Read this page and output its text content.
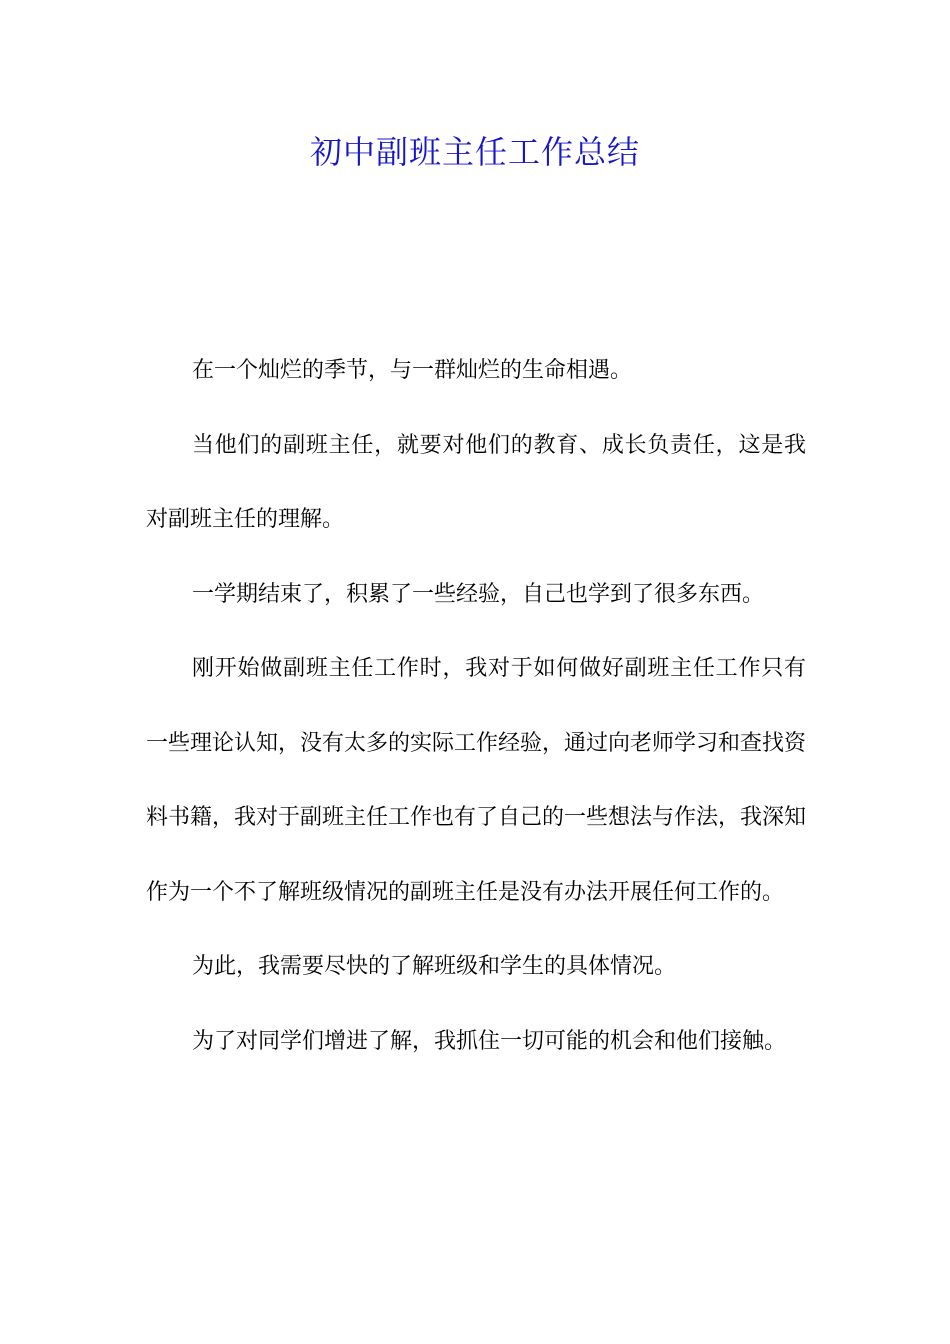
初中副班主任工作总结

在一个灿烂的季节，与一群灿烂的生命相遇。

当他们的副班主任，就要对他们的教育、成长负责任，这是我对副班主任的理解。

一学期结束了，积累了一些经验，自己也学到了很多东西。

刚开始做副班主任工作时，我对于如何做好副班主任工作只有一些理论认知，没有太多的实际工作经验，通过向老师学习和查找资料书籍，我对于副班主任工作也有了自己的一些想法与作法，我深知作为一个不了解班级情况的副班主任是没有办法开展任何工作的。

为此，我需要尽快的了解班级和学生的具体情况。

为了对同学们增进了解，我抓住一切可能的机会和他们接触。
